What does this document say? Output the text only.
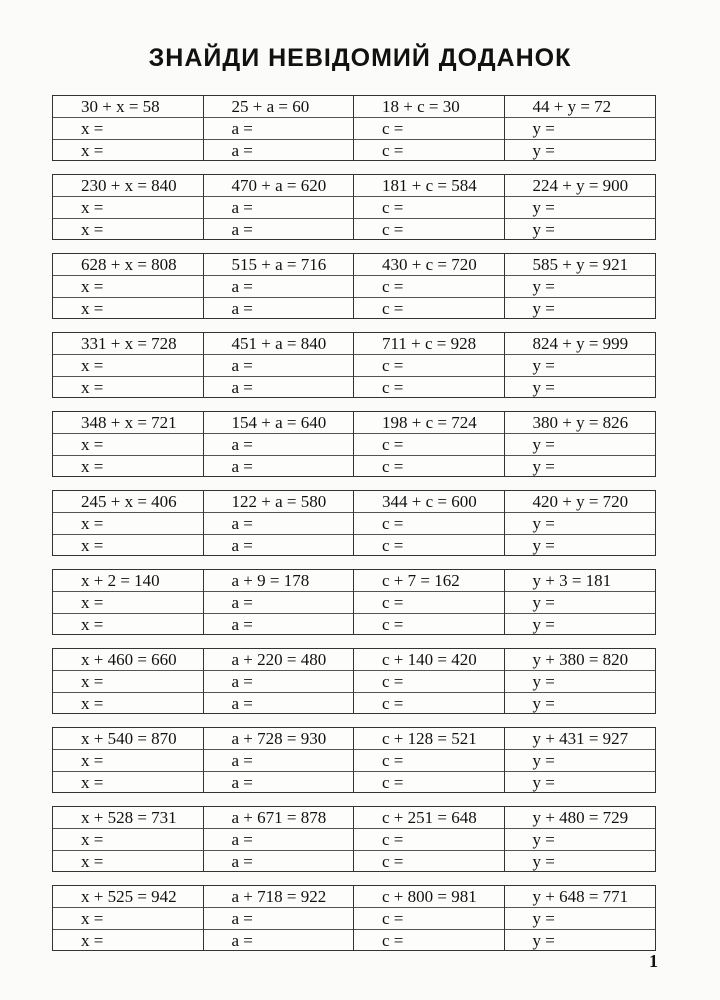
ЗНАЙДИ НЕВІДОМИЙ ДОДАНОК
30 + x = 58
x =
x =
25 + a = 60
a =
a =
18 + c = 30
c =
c =
44 + y = 72
y =
y =
230 + x = 840
x =
x =
470 + a = 620
a =
a =
181 + c = 584
c =
c =
224 + y = 900
y =
y =
628 + x = 808
x =
x =
515 + a = 716
a =
a =
430 + c = 720
c =
c =
585 + y = 921
y =
y =
331 + x = 728
x =
x =
451 + a = 840
a =
a =
711 + c = 928
c =
c =
824 + y = 999
y =
y =
348 + x = 721
x =
x =
154 + a = 640
a =
a =
198 + c = 724
c =
c =
380 + y = 826
y =
y =
245 + x = 406
x =
x =
122 + a = 580
a =
a =
344 + c = 600
c =
c =
420 + y = 720
y =
y =
x + 2 = 140
x =
x =
a + 9 = 178
a =
a =
c + 7 = 162
c =
c =
y + 3 = 181
y =
y =
x + 460 = 660
x =
x =
a + 220 = 480
a =
a =
c + 140 = 420
c =
c =
y + 380 = 820
y =
y =
x + 540 = 870
x =
x =
a + 728 = 930
a =
a =
c + 128 = 521
c =
c =
y + 431 = 927
y =
y =
x + 528 = 731
x =
x =
a + 671 = 878
a =
a =
c + 251 = 648
c =
c =
y + 480 = 729
y =
y =
x + 525 = 942
x =
x =
a + 718 = 922
a =
a =
c + 800 = 981
c =
c =
y + 648 = 771
y =
y =
1
